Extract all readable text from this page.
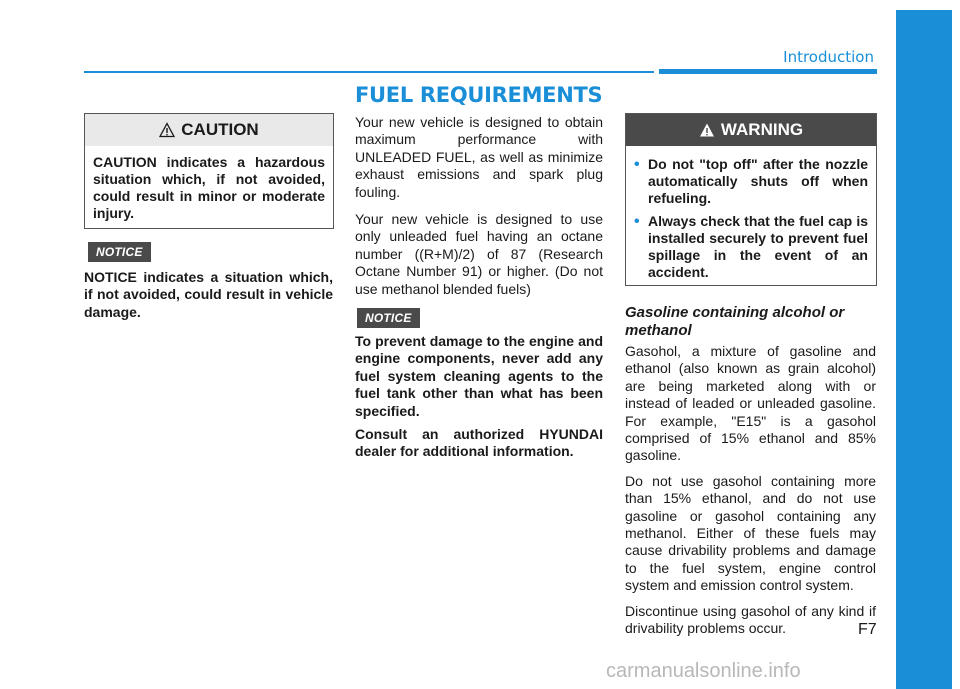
Introduction
FUEL REQUIREMENTS
CAUTION
CAUTION indicates a hazardous situation which, if not avoided, could result in minor or moderate injury.
NOTICE
NOTICE indicates a situation which, if not avoided, could result in vehicle damage.

Your new vehicle is designed to obtain maximum performance with UNLEADED FUEL, as well as minimize exhaust emissions and spark plug fouling.

Your new vehicle is designed to use only unleaded fuel having an octane number ((R+M)/2) of 87 (Research Octane Number 91) or higher. (Do not use methanol blended fuels)

NOTICE

To prevent damage to the engine and engine components, never add any fuel system cleaning agents to the fuel tank other than what has been specified.

Consult an authorized HYUNDAI dealer for additional information.

WARNING
• Do not "top off" after the nozzle automatically shuts off when refueling.
• Always check that the fuel cap is installed securely to prevent fuel spillage in the event of an accident.
Gasoline containing alcohol or methanol

Gasohol, a mixture of gasoline and ethanol (also known as grain alcohol) are being marketed along with or instead of leaded or unleaded gasoline. For example, "E15" is a gasohol comprised of 15% ethanol and 85% gasoline.

Do not use gasohol containing more than 15% ethanol, and do not use gasoline or gasohol containing any methanol. Either of these fuels may cause drivability problems and damage to the fuel system, engine control system and emission control system.

Discontinue using gasohol of any kind if drivability problems occur.	F7
carmanualsonline.info
